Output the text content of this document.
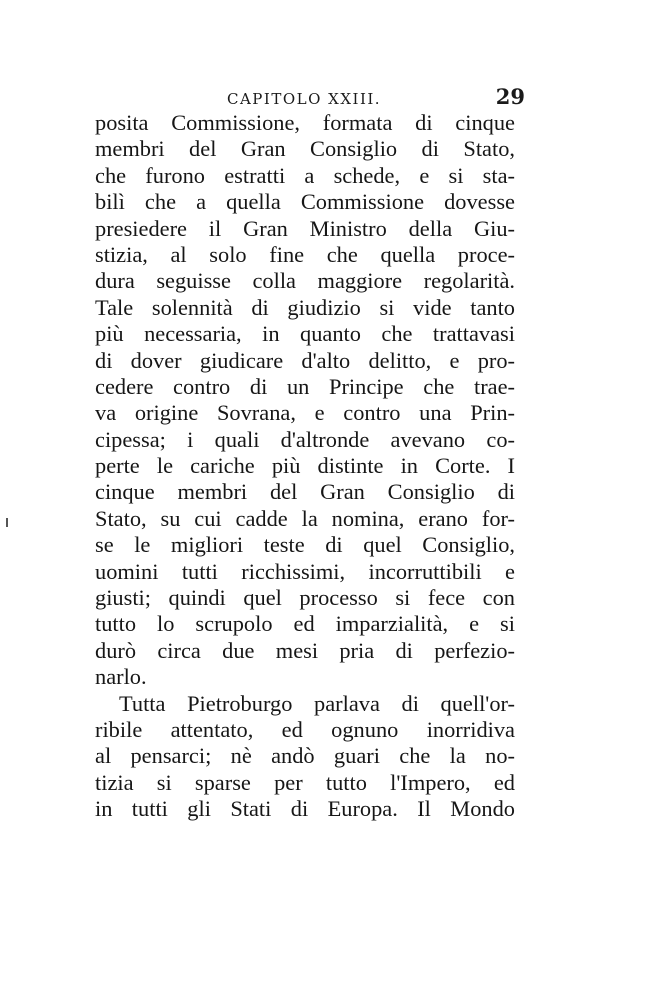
CAPITOLO XXIII.	29
posita Commissione, formata di cinque
membri del Gran Consiglio di Stato,
che furono estratti a schede, e si sta-
bilì che a quella Commissione dovesse
presiedere il Gran Ministro della Giu-
stizia, al solo fine che quella proce-
dura seguisse colla maggiore regolarità.
Tale solennità di giudizio si vide tanto
più necessaria, in quanto che trattavasi
di dover giudicare d'alto delitto, e pro-
cedere contro di un Principe che trae-
va origine Sovrana, e contro una Prin-
cipessa; i quali d'altronde avevano co-
perte le cariche più distinte in Corte. I
cinque membri del Gran Consiglio di
Stato, su cui cadde la nomina, erano for-
se le migliori teste di quel Consiglio,
uomini tutti ricchissimi, incorruttibili e
giusti; quindi quel processo si fece con
tutto lo scrupolo ed imparzialità, e si
durò circa due mesi pria di perfezio-
narlo.
Tutta Pietroburgo parlava di quell'or-
ribile attentato, ed ognuno inorridiva
al pensarci; nè andò guari che la no-
tizia si sparse per tutto l'Impero, ed
in tutti gli Stati di Europa. Il Mondo
